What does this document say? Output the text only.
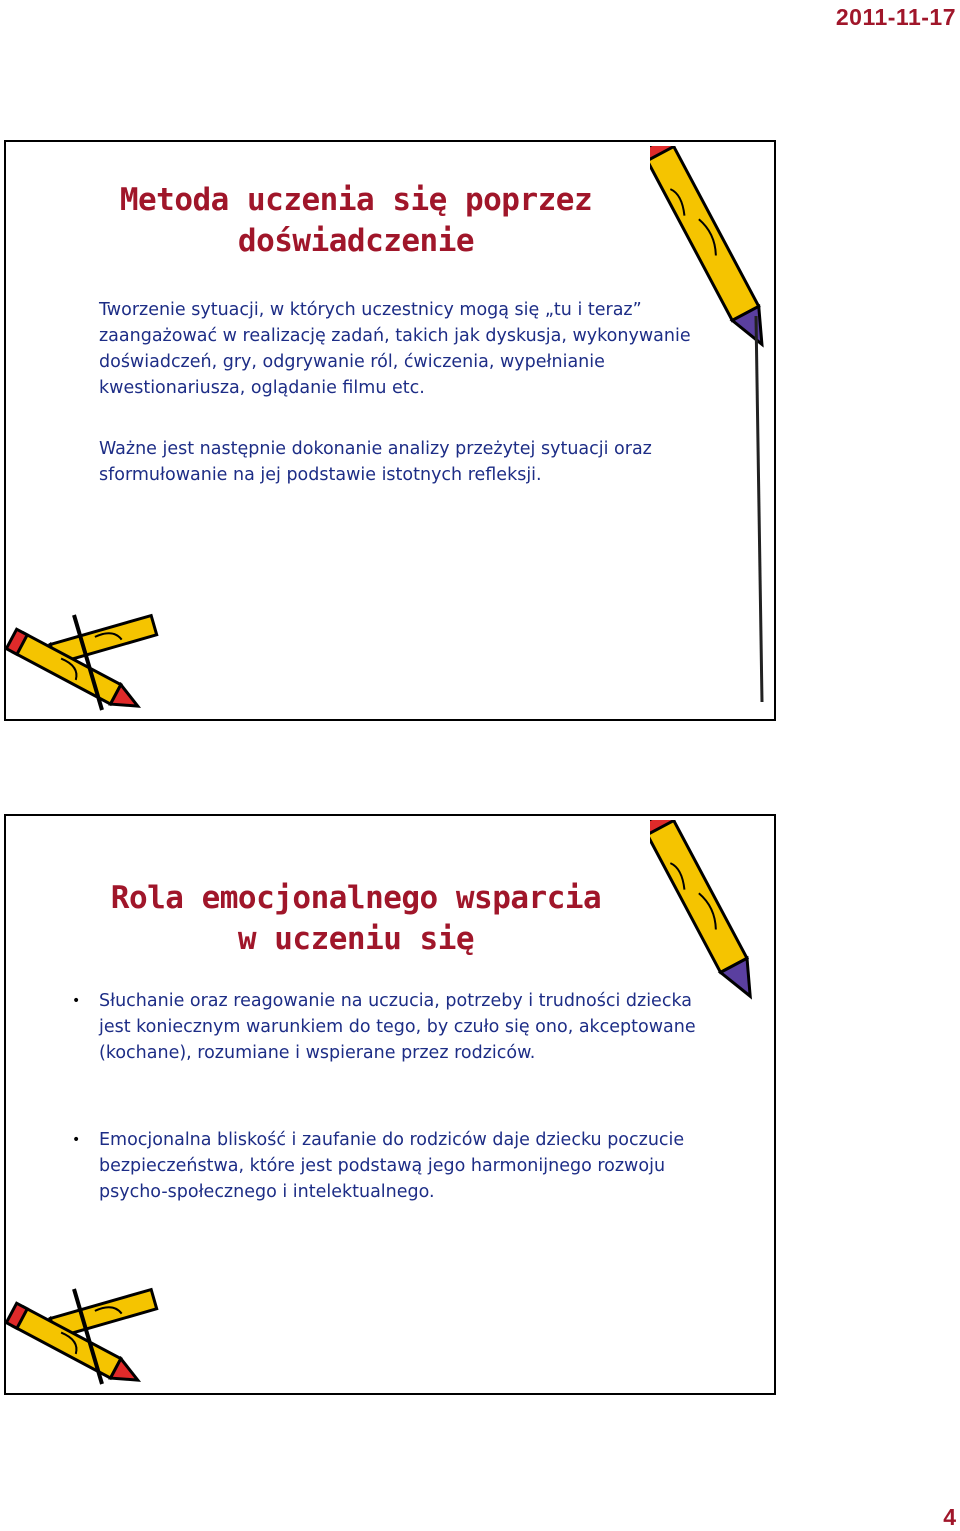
2011-11-17
Metoda uczenia się poprzez
doświadczenie

Tworzenie sytuacji, w których uczestnicy mogą się „tu i teraz” zaangażować w realizację zadań, takich jak dyskusja, wykonywanie doświadczeń, gry, odgrywanie ról, ćwiczenia, wypełnianie kwestionariusza, oglądanie filmu etc.

Ważne jest następnie dokonanie analizy przeżytej sytuacji oraz sformułowanie na jej podstawie istotnych refleksji.

Rola emocjonalnego wsparcia
w uczeniu się
• Słuchanie oraz reagowanie na uczucia, potrzeby i trudności dziecka jest koniecznym warunkiem do tego, by czuło się ono, akceptowane (kochane), rozumiane i wspierane przez rodziców.
• Emocjonalna bliskość i zaufanie do rodziców daje dziecku poczucie bezpieczeństwa, które jest podstawą jego harmonijnego rozwoju psycho-społecznego i intelektualnego.
4
